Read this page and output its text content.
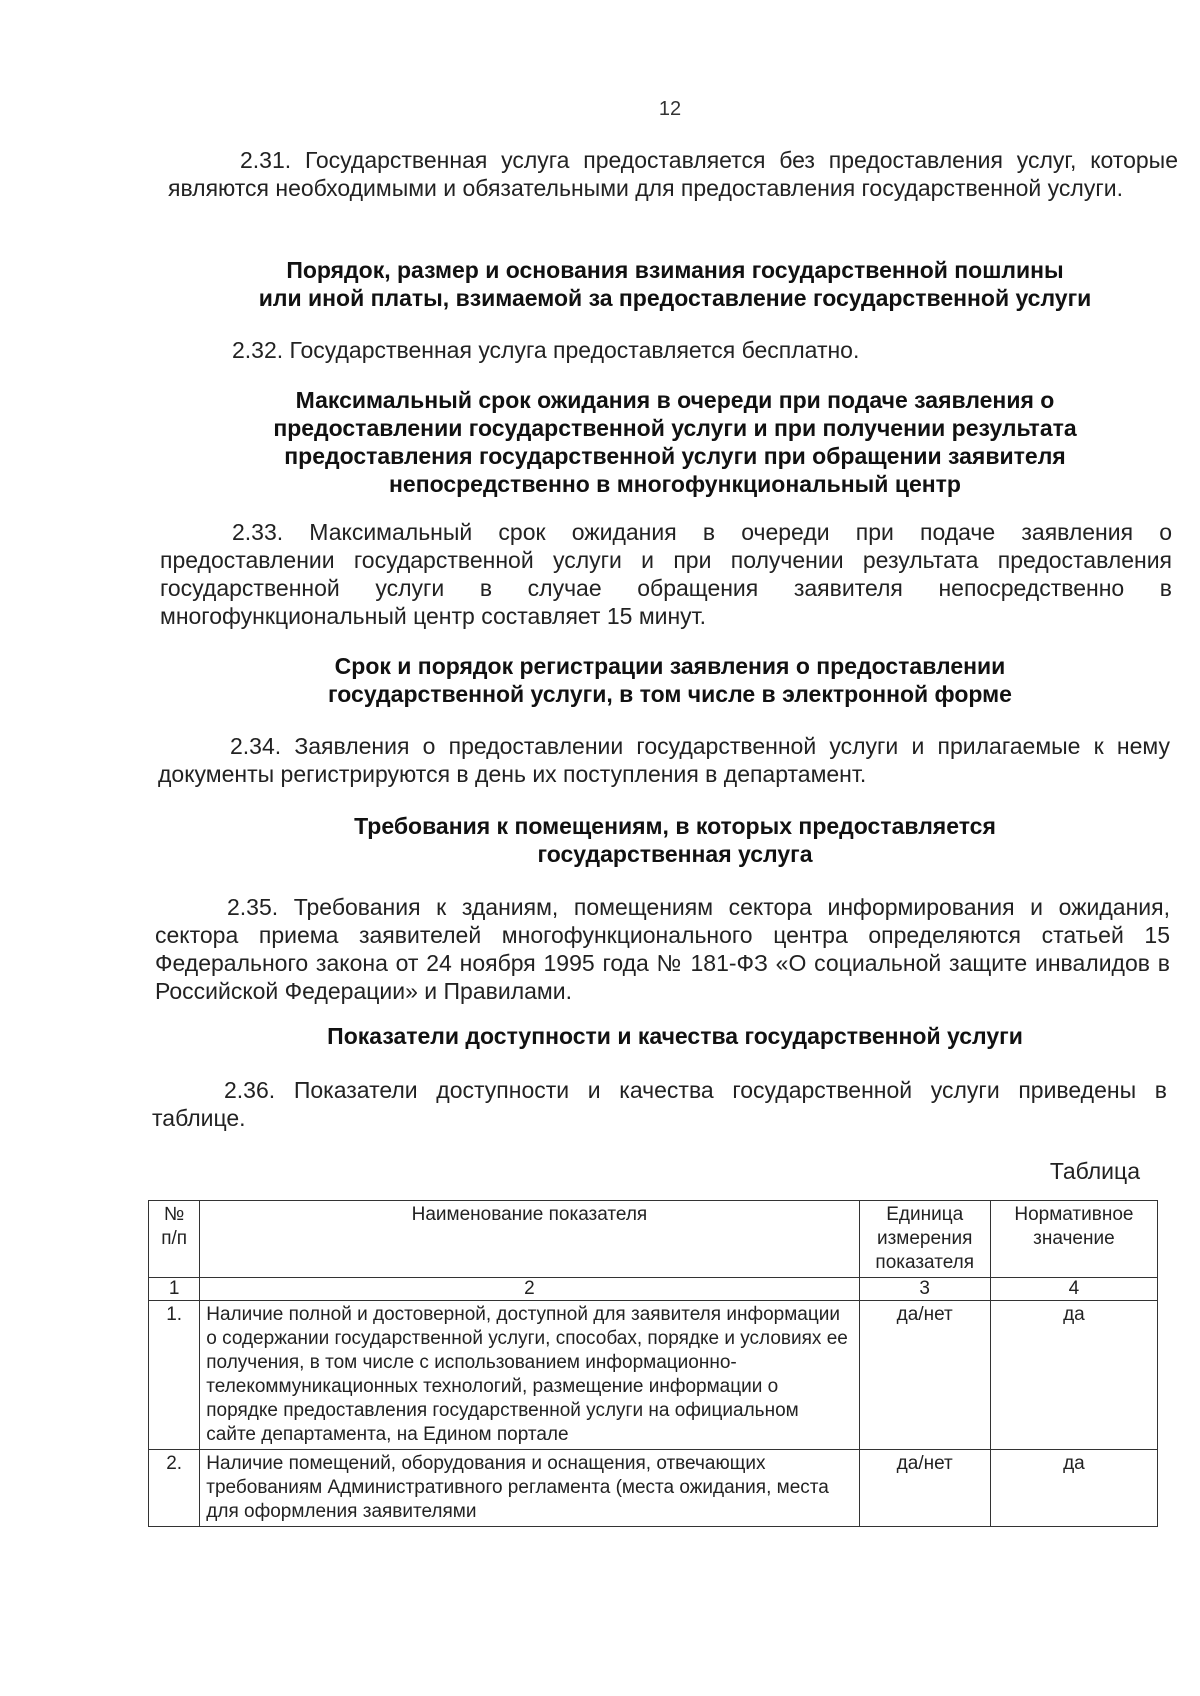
12
2.31. Государственная услуга предоставляется без предоставления услуг, которые являются необходимыми и обязательными для предоставления государственной услуги.
Порядок, размер и основания взимания государственной пошлины
или иной платы, взимаемой за предоставление государственной услуги
2.32. Государственная услуга предоставляется бесплатно.
Максимальный срок ожидания в очереди при подаче заявления о
предоставлении государственной услуги и при получении результата
предоставления государственной услуги при обращении заявителя
непосредственно в многофункциональный центр
2.33. Максимальный срок ожидания в очереди при подаче заявления о предоставлении государственной услуги и при получении результата предоставления государственной услуги в случае обращения заявителя непосредственно в многофункциональный центр составляет 15 минут.
Срок и порядок регистрации заявления о предоставлении
государственной услуги, в том числе в электронной форме
2.34. Заявления о предоставлении государственной услуги и прилагаемые к нему документы регистрируются в день их поступления в департамент.
Требования к помещениям, в которых предоставляется
государственная услуга
2.35. Требования к зданиям, помещениям сектора информирования и ожидания, сектора приема заявителей многофункционального центра определяются статьей 15 Федерального закона от 24 ноября 1995 года № 181-ФЗ «О социальной защите инвалидов в Российской Федерации» и Правилами.
Показатели доступности и качества государственной услуги
2.36. Показатели доступности и качества государственной услуги приведены в таблице.
Таблица
№ п/п	Наименование показателя	Единица измерения показателя	Нормативное значение
1	2	3	4
1.	Наличие полной и достоверной, доступной для заявителя информации о содержании государственной услуги, способах, порядке и условиях ее получения, в том числе с использованием информационно-телекоммуникационных технологий, размещение информации о порядке предоставления государственной услуги на официальном сайте департамента, на Едином портале	да/нет	да
2.	Наличие помещений, оборудования и оснащения, отвечающих требованиям Административного регламента (места ожидания, места для оформления заявителями	да/нет	да
